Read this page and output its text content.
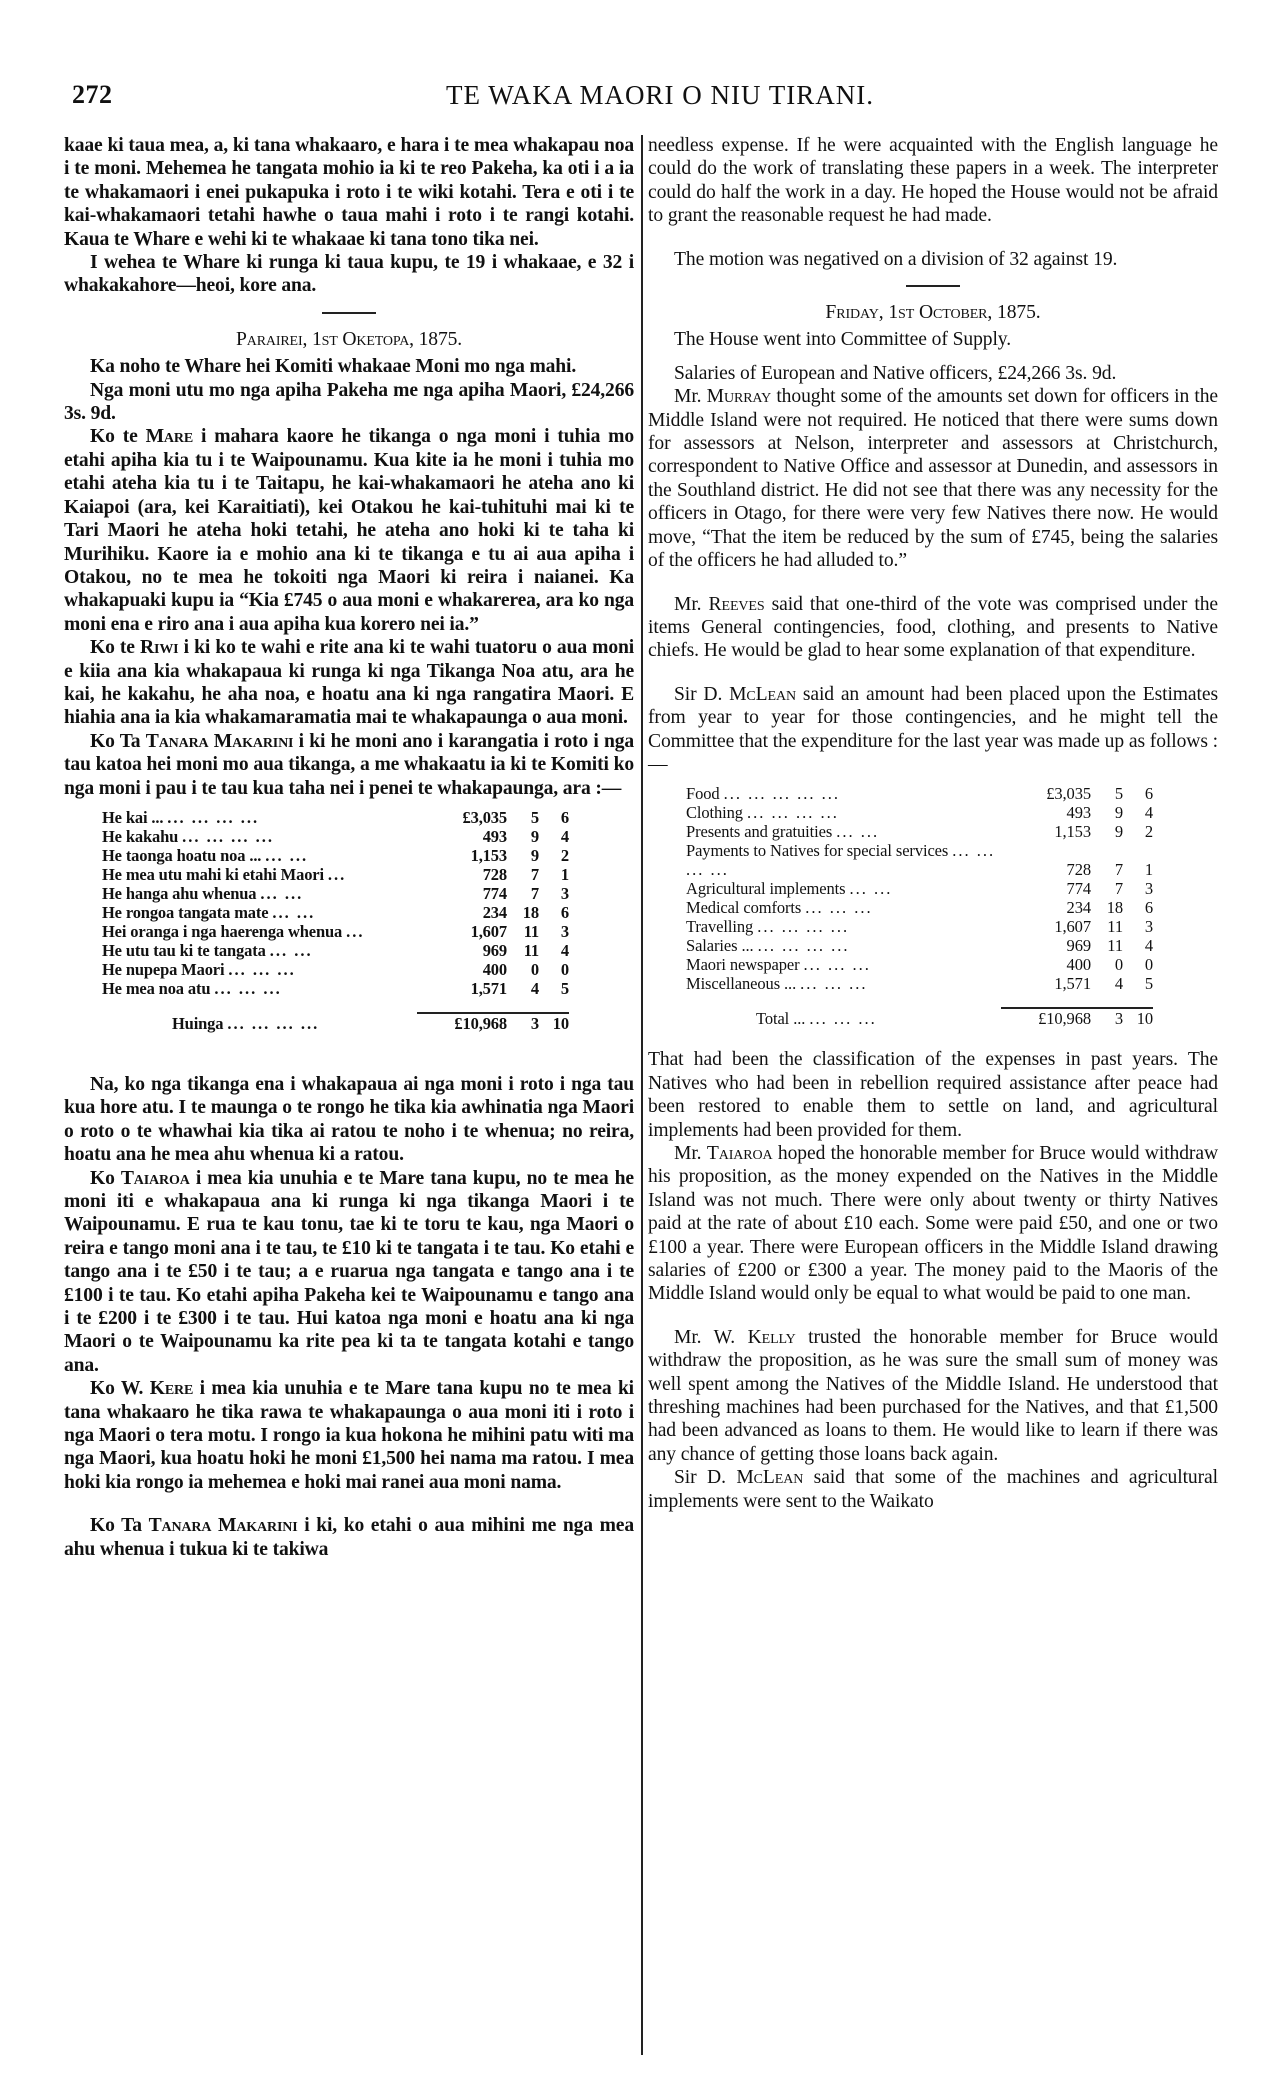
272	TE WAKA MAORI O NIU TIRANI.

kaae ki taua mea, a, ki tana whakaaro, e hara i te mea whakapau noa i te moni. Mehemea he tangata mohio ia ki te reo Pakeha, ka oti i a ia te whakamaori i enei pukapuka i roto i te wiki kotahi. Tera e oti i te kai-whakamaori tetahi hawhe o taua mahi i roto i te rangi kotahi. Kaua te Whare e wehi ki te whakaae ki tana tono tika nei.

I wehea te Whare ki runga ki taua kupu, te 19 i whakaae, e 32 i whakakahore—heoi, kore ana.

Parairei, 1st Oketopa, 1875.

Ka noho te Whare hei Komiti whakaae Moni mo nga mahi.

Nga moni utu mo nga apiha Pakeha me nga apiha Maori, £24,266 3s. 9d.

Ko te Mare i mahara kaore he tikanga o nga moni i tuhia mo etahi apiha kia tu i te Waipounamu. Kua kite ia he moni i tuhia mo etahi ateha kia tu i te Taitapu, he kai-whakamaori he ateha ano ki Kaiapoi (ara, kei Karaitiati), kei Otakou he kai-tuhituhi mai ki te Tari Maori he ateha hoki tetahi, he ateha ano hoki ki te taha ki Murihiku. Kaore ia e mohio ana ki te tikanga e tu ai aua apiha i Otakou, no te mea he tokoiti nga Maori ki reira i naianei. Ka whakapuaki kupu ia “Kia £745 o aua moni e whakarerea, ara ko nga moni ena e riro ana i aua apiha kua korero nei ia.”

Ko te Riwi i ki ko te wahi e rite ana ki te wahi tuatoru o aua moni e kiia ana kia whakapaua ki runga ki nga Tikanga Noa atu, ara he kai, he kakahu, he aha noa, e hoatu ana ki nga rangatira Maori. E hiahia ana ia kia whakamaramatia mai te whakapaunga o aua moni.

Ko Ta Tanara Makarini i ki he moni ano i karangatia i roto i nga tau katoa hei moni mo aua tikanga, a me whakaatu ia ki te Komiti ko nga moni i pau i te tau kua taha nei i penei te whakapaunga, ara :—

He kai ... ... ... ... ...	£3,035	5	6
He kakahu ... ... ... ...	493	9	4
He taonga hoatu noa ... ... ...	1,153	9	2
He mea utu mahi ki etahi Maori ...	728	7	1
He hanga ahu whenua ... ...	774	7	3
He rongoa tangata mate ... ...	234	18	6
Hei oranga i nga haerenga whenua ...	1,607	11	3
He utu tau ki te tangata ... ...	969	11	4
He nupepa Maori ... ... ...	400	0	0
He mea noa atu ... ... ...	1,571	4	5
Huinga ... ... ... ...	£10,968	3	10

Na, ko nga tikanga ena i whakapaua ai nga moni i roto i nga tau kua hore atu. I te maunga o te rongo he tika kia awhinatia nga Maori o roto o te whawhai kia tika ai ratou te noho i te whenua; no reira, hoatu ana he mea ahu whenua ki a ratou.

Ko Taiaroa i mea kia unuhia e te Mare tana kupu, no te mea he moni iti e whakapaua ana ki runga ki nga tikanga Maori i te Waipounamu. E rua te kau tonu, tae ki te toru te kau, nga Maori o reira e tango moni ana i te tau, te £10 ki te tangata i te tau. Ko etahi e tango ana i te £50 i te tau; a e ruarua nga tangata e tango ana i te £100 i te tau. Ko etahi apiha Pakeha kei te Waipounamu e tango ana i te £200 i te £300 i te tau. Hui katoa nga moni e hoatu ana ki nga Maori o te Waipounamu ka rite pea ki ta te tangata kotahi e tango ana.

Ko W. Kere i mea kia unuhia e te Mare tana kupu no te mea ki tana whakaaro he tika rawa te whakapaunga o aua moni iti i roto i nga Maori o tera motu. I rongo ia kua hokona he mihini patu witi ma nga Maori, kua hoatu hoki he moni £1,500 hei nama ma ratou. I mea hoki kia rongo ia mehemea e hoki mai ranei aua moni nama.

Ko Ta Tanara Makarini i ki, ko etahi o aua mihini me nga mea ahu whenua i tukua ki te takiwa

needless expense. If he were acquainted with the English language he could do the work of translating these papers in a week. The interpreter could do half the work in a day. He hoped the House would not be afraid to grant the reasonable request he had made.

The motion was negatived on a division of 32 against 19.

Friday, 1st October, 1875.

The House went into Committee of Supply.

Salaries of European and Native officers, £24,266 3s. 9d.

Mr. Murray thought some of the amounts set down for officers in the Middle Island were not required. He noticed that there were sums down for assessors at Nelson, interpreter and assessors at Christchurch, correspondent to Native Office and assessor at Dunedin, and assessors in the Southland district. He did not see that there was any necessity for the officers in Otago, for there were very few Natives there now. He would move, “That the item be reduced by the sum of £745, being the salaries of the officers he had alluded to.”

Mr. Reeves said that one-third of the vote was comprised under the items General contingencies, food, clothing, and presents to Native chiefs. He would be glad to hear some explanation of that expenditure.

Sir D. McLean said an amount had been placed upon the Estimates from year to year for those contingencies, and he might tell the Committee that the expenditure for the last year was made up as follows :—

Food ... ... ... ... ...	£3,035	5	6
Clothing ... ... ... ...	493	9	4
Presents and gratuities ... ...	1,153	9	2
Payments to Natives for special services ... ... ... ...	728	7	1
Agricultural implements ... ...	774	7	3
Medical comforts ... ... ...	234	18	6
Travelling ... ... ... ...	1,607	11	3
Salaries ... ... ... ... ...	969	11	4
Maori newspaper ... ... ...	400	0	0
Miscellaneous ... ... ... ...	1,571	4	5
Total ... ... ... ...	£10,968	3	10

That had been the classification of the expenses in past years. The Natives who had been in rebellion required assistance after peace had been restored to enable them to settle on land, and agricultural implements had been provided for them.

Mr. Taiaroa hoped the honorable member for Bruce would withdraw his proposition, as the money expended on the Natives in the Middle Island was not much. There were only about twenty or thirty Natives paid at the rate of about £10 each. Some were paid £50, and one or two £100 a year. There were European officers in the Middle Island drawing salaries of £200 or £300 a year. The money paid to the Maoris of the Middle Island would only be equal to what would be paid to one man.

Mr. W. Kelly trusted the honorable member for Bruce would withdraw the proposition, as he was sure the small sum of money was well spent among the Natives of the Middle Island. He understood that threshing machines had been purchased for the Natives, and that £1,500 had been advanced as loans to them. He would like to learn if there was any chance of getting those loans back again.

Sir D. McLean said that some of the machines and agricultural implements were sent to the Waikato
